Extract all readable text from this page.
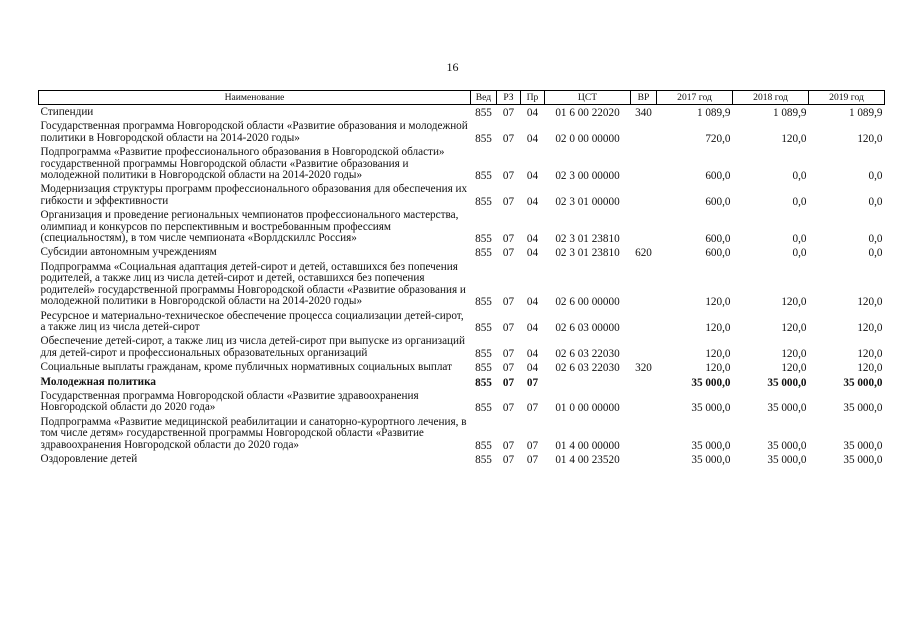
16
Наименование	Вед	РЗ	Пр	ЦСТ	ВР	2017 год	2018 год	2019 год
Стипендии	855	07	04	01 6 00 22020	340	1 089,9	1 089,9	1 089,9
Государственная программа Новгородской области «Развитие образования и молодежной политики в Новгородской области на 2014-2020 годы»	855	07	04	02 0 00 00000		720,0	120,0	120,0
Подпрограмма «Развитие профессионального образования в Новгородской области» государственной программы Новгородской области «Развитие образования и молодежной политики в Новгородской области на 2014-2020 годы»	855	07	04	02 3 00 00000		600,0	0,0	0,0
Модернизация структуры программ профессионального образования для обеспечения их гибкости и эффективности	855	07	04	02 3 01 00000		600,0	0,0	0,0
Организация и проведение региональных чемпионатов профессионального мастерства, олимпиад и конкурсов по перспективным и востребованным профессиям (специальностям), в том числе чемпионата «Ворлдскиллс Россия»	855	07	04	02 3 01 23810		600,0	0,0	0,0
Субсидии автономным учреждениям	855	07	04	02 3 01 23810	620	600,0	0,0	0,0
Подпрограмма «Социальная адаптация детей-сирот и детей, оставшихся без попечения родителей, а также лиц из числа детей-сирот и детей, оставшихся без попечения родителей» государственной программы Новгородской области «Развитие образования и молодежной политики в Новгородской области на 2014-2020 годы»	855	07	04	02 6 00 00000		120,0	120,0	120,0
Ресурсное и материально-техническое обеспечение процесса социализации детей-сирот, а также лиц из числа детей-сирот	855	07	04	02 6 03 00000		120,0	120,0	120,0
Обеспечение детей-сирот, а также лиц из числа детей-сирот при выпуске из организаций для детей-сирот и профессиональных образовательных организаций	855	07	04	02 6 03 22030		120,0	120,0	120,0
Социальные выплаты гражданам, кроме публичных нормативных социальных выплат	855	07	04	02 6 03 22030	320	120,0	120,0	120,0
Молодежная политика	855	07	07			35 000,0	35 000,0	35 000,0
Государственная программа Новгородской области «Развитие здравоохранения Новгородской области до 2020 года»	855	07	07	01 0 00 00000		35 000,0	35 000,0	35 000,0
Подпрограмма «Развитие медицинской реабилитации и санаторно-курортного лечения, в том числе детям» государственной программы Новгородской области «Развитие здравоохранения Новгородской области до 2020 года»	855	07	07	01 4 00 00000		35 000,0	35 000,0	35 000,0
Оздоровление детей	855	07	07	01 4 00 23520		35 000,0	35 000,0	35 000,0
